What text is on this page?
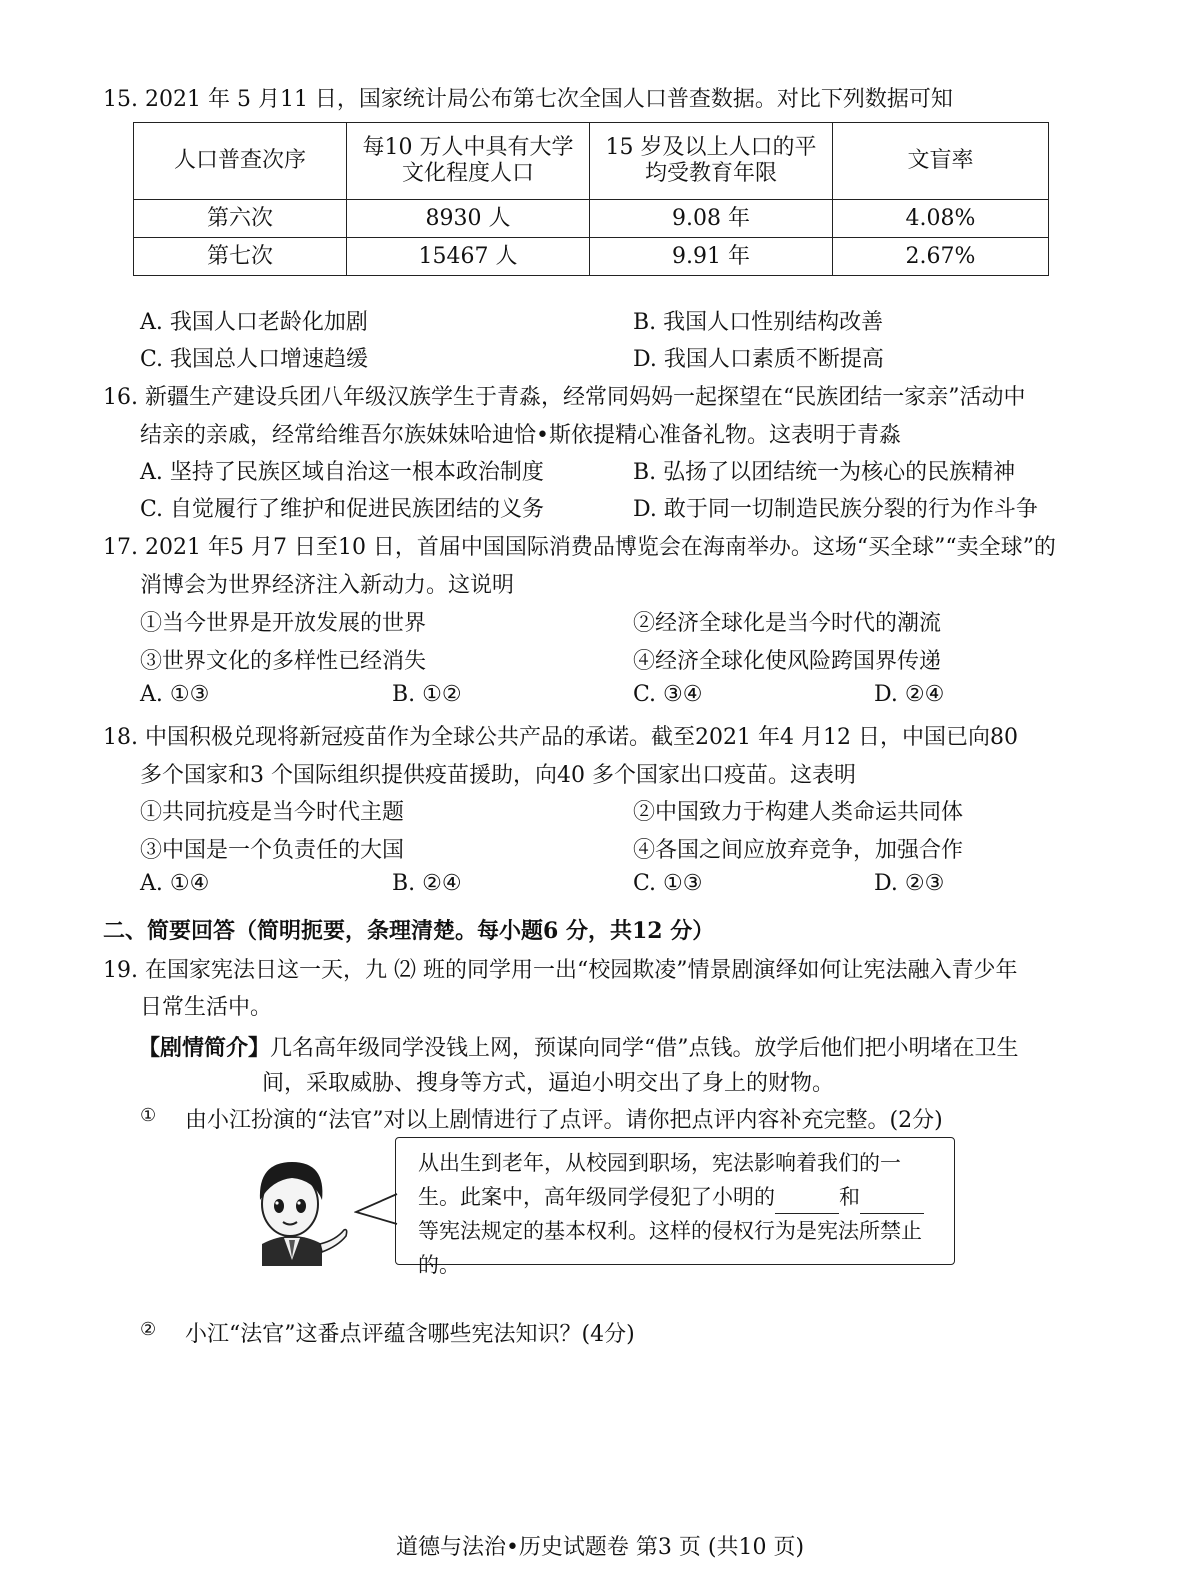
15. 2021 年 5 月11 日，国家统计局公布第七次全国人口普查数据。对比下列数据可知
人口普查次序	每10 万人中具有大学文化程度人口	15 岁及以上人口的平均受教育年限	文盲率
第六次	8930 人	9.08 年	4.08%
第七次	15467 人	9.91 年	2.67%
A. 我国人口老龄化加剧	B. 我国人口性别结构改善
C. 我国总人口增速趋缓	D. 我国人口素质不断提高
16. 新疆生产建设兵团八年级汉族学生于青淼，经常同妈妈一起探望在“民族团结一家亲”活动中
结亲的亲戚，经常给维吾尔族妹妹哈迪恰•斯依提精心准备礼物。这表明于青淼
A. 坚持了民族区域自治这一根本政治制度	B. 弘扬了以团结统一为核心的民族精神
C. 自觉履行了维护和促进民族团结的义务	D. 敢于同一切制造民族分裂的行为作斗争
17. 2021 年5 月7 日至10 日，首届中国国际消费品博览会在海南举办。这场“买全球”“卖全球”的
消博会为世界经济注入新动力。这说明
①当今世界是开放发展的世界	②经济全球化是当今时代的潮流
③世界文化的多样性已经消失	④经济全球化使风险跨国界传递
A. ①③	B. ①②	C. ③④	D. ②④
18. 中国积极兑现将新冠疫苗作为全球公共产品的承诺。截至2021 年4 月12 日，中国已向80
多个国家和3 个国际组织提供疫苗援助，向40 多个国家出口疫苗。这表明
①共同抗疫是当今时代主题	②中国致力于构建人类命运共同体
③中国是一个负责任的大国	④各国之间应放弃竞争，加强合作
A. ①④	B. ②④	C. ①③	D. ②③
二、简要回答（简明扼要，条理清楚。每小题6 分，共12 分）
19. 在国家宪法日这一天，九 ⑵ 班的同学用一出“校园欺凌”情景剧演绎如何让宪法融入青少年
日常生活中。
【剧情简介】几名高年级同学没钱上网，预谋向同学“借”点钱。放学后他们把小明堵在卫生
间，采取威胁、搜身等方式，逼迫小明交出了身上的财物。
① 由小江扮演的“法官”对以上剧情进行了点评。请你把点评内容补充完整。(2分)
从出生到老年，从校园到职场，宪法影响着我们的一生。此案中，高年级同学侵犯了小明的	和等宪法规定的基本权利。这样的侵权行为是宪法所禁止的。
② 小江“法官”这番点评蕴含哪些宪法知识？(4分)
道德与法治•历史试题卷 第3 页 (共10 页)
